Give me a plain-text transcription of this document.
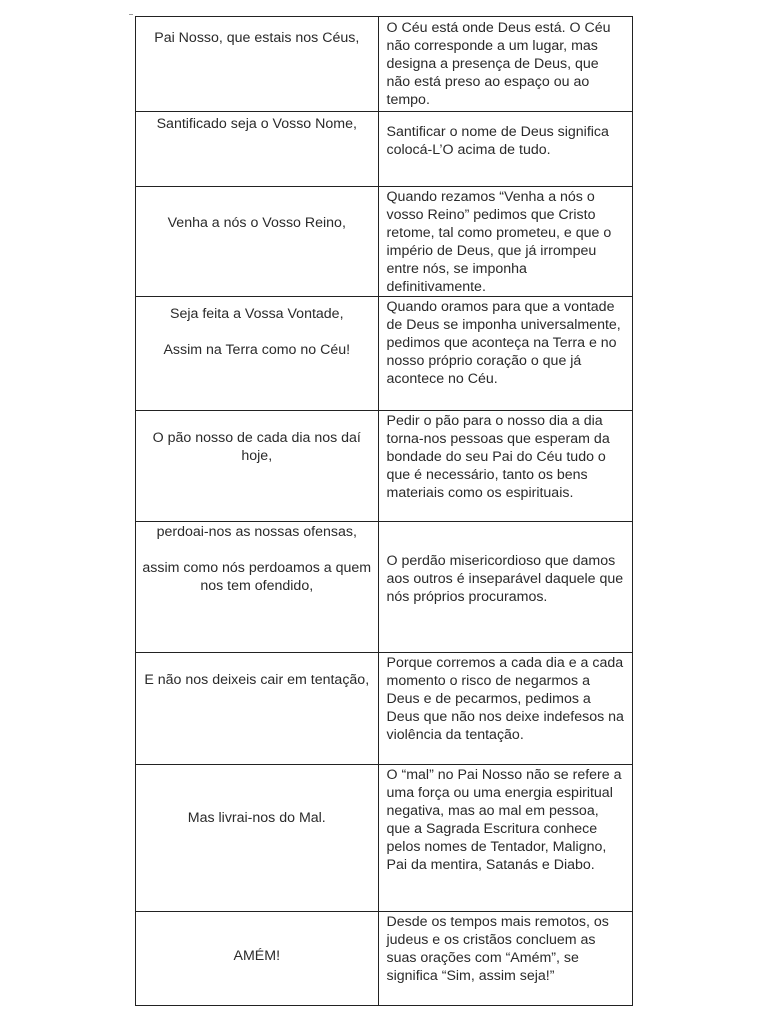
Pai Nosso, que estais nos Céus,
O Céu está onde Deus está. O Céu não corresponde a um lugar, mas designa a presença de Deus, que não está preso ao espaço ou ao tempo.
Santificado seja o Vosso Nome,	Santificar o nome de Deus significa colocá-L’O acima de tudo.
Venha a nós o Vosso Reino,
Quando rezamos “Venha a nós o vosso Reino” pedimos que Cristo retome, tal como prometeu, e que o império de Deus, que já irrompeu entre nós, se imponha definitivamente.
Seja feita a Vossa Vontade,
Assim na Terra como no Céu!
Quando oramos para que a vontade de Deus se imponha universalmente, pedimos que aconteça na Terra e no nosso próprio coração o que já acontece no Céu.
O pão nosso de cada dia nos daí hoje,
Pedir o pão para o nosso dia a dia torna-nos pessoas que esperam da bondade do seu Pai do Céu tudo o que é necessário, tanto os bens materiais como os espirituais.
perdoai-nos as nossas ofensas,
assim como nós perdoamos a quem nos tem ofendido,
O perdão misericordioso que damos aos outros é inseparável daquele que nós próprios procuramos.
E não nos deixeis cair em tentação,
Porque corremos a cada dia e a cada momento o risco de negarmos a Deus e de pecarmos, pedimos a Deus que não nos deixe indefesos na violência da tentação.
Mas livrai-nos do Mal.
O “mal” no Pai Nosso não se refere a uma força ou uma energia espiritual negativa, mas ao mal em pessoa, que a Sagrada Escritura conhece pelos nomes de Tentador, Maligno, Pai da mentira, Satanás e Diabo.
AMÉM!
Desde os tempos mais remotos, os judeus e os cristãos concluem as suas orações com “Amém”, se significa “Sim, assim seja!”
